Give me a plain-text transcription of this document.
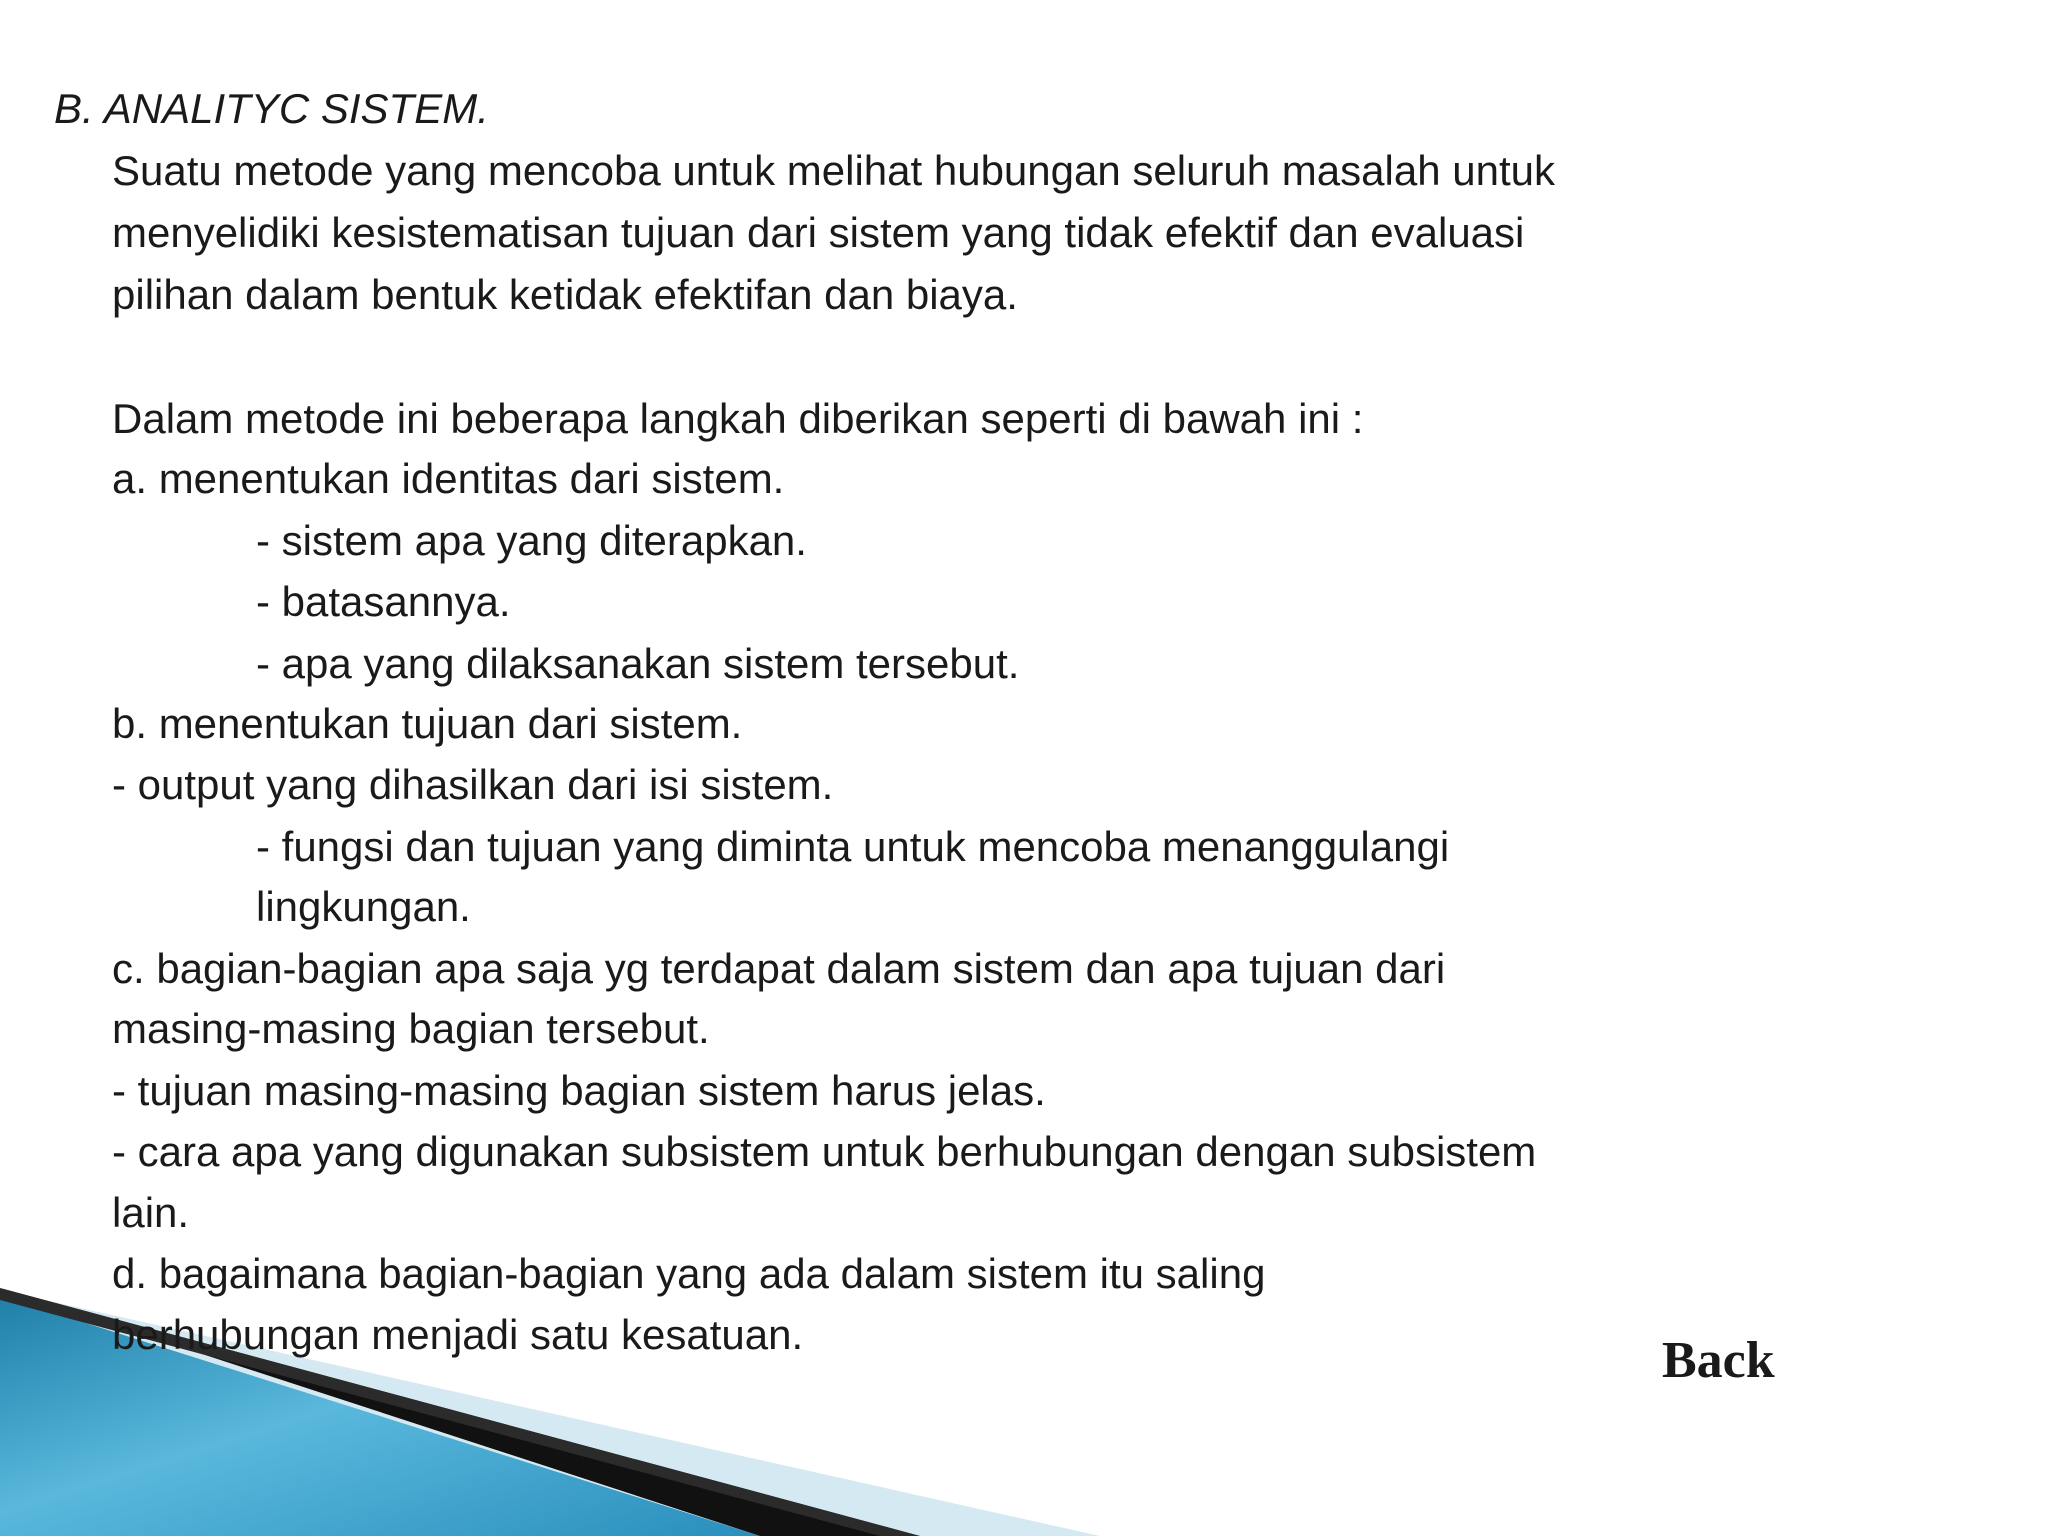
B. ANALITYC SISTEM.
Suatu metode yang mencoba untuk melihat hubungan seluruh masalah untuk
menyelidiki kesistematisan tujuan dari sistem yang tidak efektif dan evaluasi
pilihan dalam bentuk ketidak efektifan dan biaya.
Dalam metode ini beberapa langkah diberikan seperti di bawah ini :
a. menentukan identitas dari sistem.
- sistem apa yang diterapkan.
- batasannya.
- apa yang dilaksanakan sistem tersebut.
b. menentukan tujuan dari sistem.
- output yang dihasilkan dari isi sistem.
- fungsi dan tujuan yang diminta untuk mencoba menanggulangi
lingkungan.
c. bagian-bagian apa saja yg terdapat dalam sistem dan apa tujuan dari
masing-masing bagian tersebut.
- tujuan masing-masing bagian sistem harus jelas.
- cara apa yang digunakan subsistem untuk berhubungan dengan subsistem
lain.
d. bagaimana bagian-bagian yang ada dalam sistem itu saling
berhubungan menjadi satu kesatuan.	Back
